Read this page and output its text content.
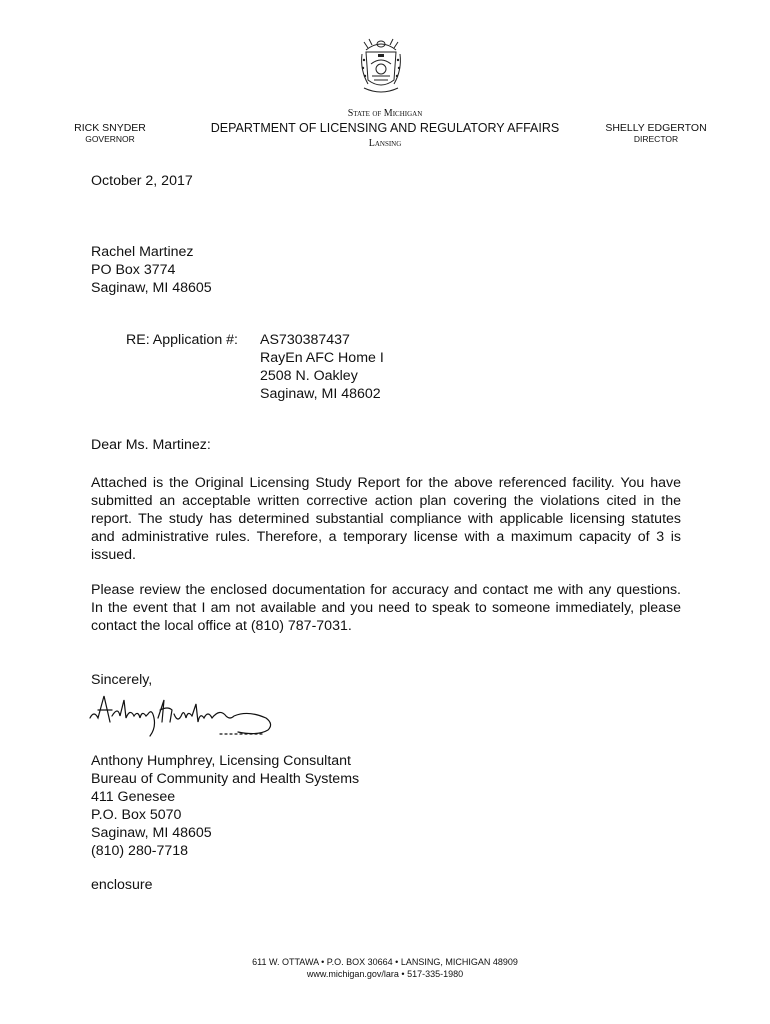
RICK SNYDER
GOVERNOR
State of Michigan
DEPARTMENT OF LICENSING AND REGULATORY AFFAIRS
Lansing
SHELLY EDGERTON
DIRECTOR
October 2, 2017
Rachel Martinez
PO Box 3774
Saginaw, MI 48605
RE: Application #: AS730387437
RayEn AFC Home I
2508 N. Oakley
Saginaw, MI 48602
Dear Ms. Martinez:
Attached is the Original Licensing Study Report for the above referenced facility. You have submitted an acceptable written corrective action plan covering the violations cited in the report. The study has determined substantial compliance with applicable licensing statutes and administrative rules. Therefore, a temporary license with a maximum capacity of 3 is issued.
Please review the enclosed documentation for accuracy and contact me with any questions. In the event that I am not available and you need to speak to someone immediately, please contact the local office at (810) 787-7031.
Sincerely,
Anthony Humphrey, Licensing Consultant
Bureau of Community and Health Systems
411 Genesee
P.O. Box 5070
Saginaw, MI 48605
(810) 280-7718
enclosure
611 W. OTTAWA • P.O. BOX 30664 • LANSING, MICHIGAN 48909
www.michigan.gov/lara • 517-335-1980
